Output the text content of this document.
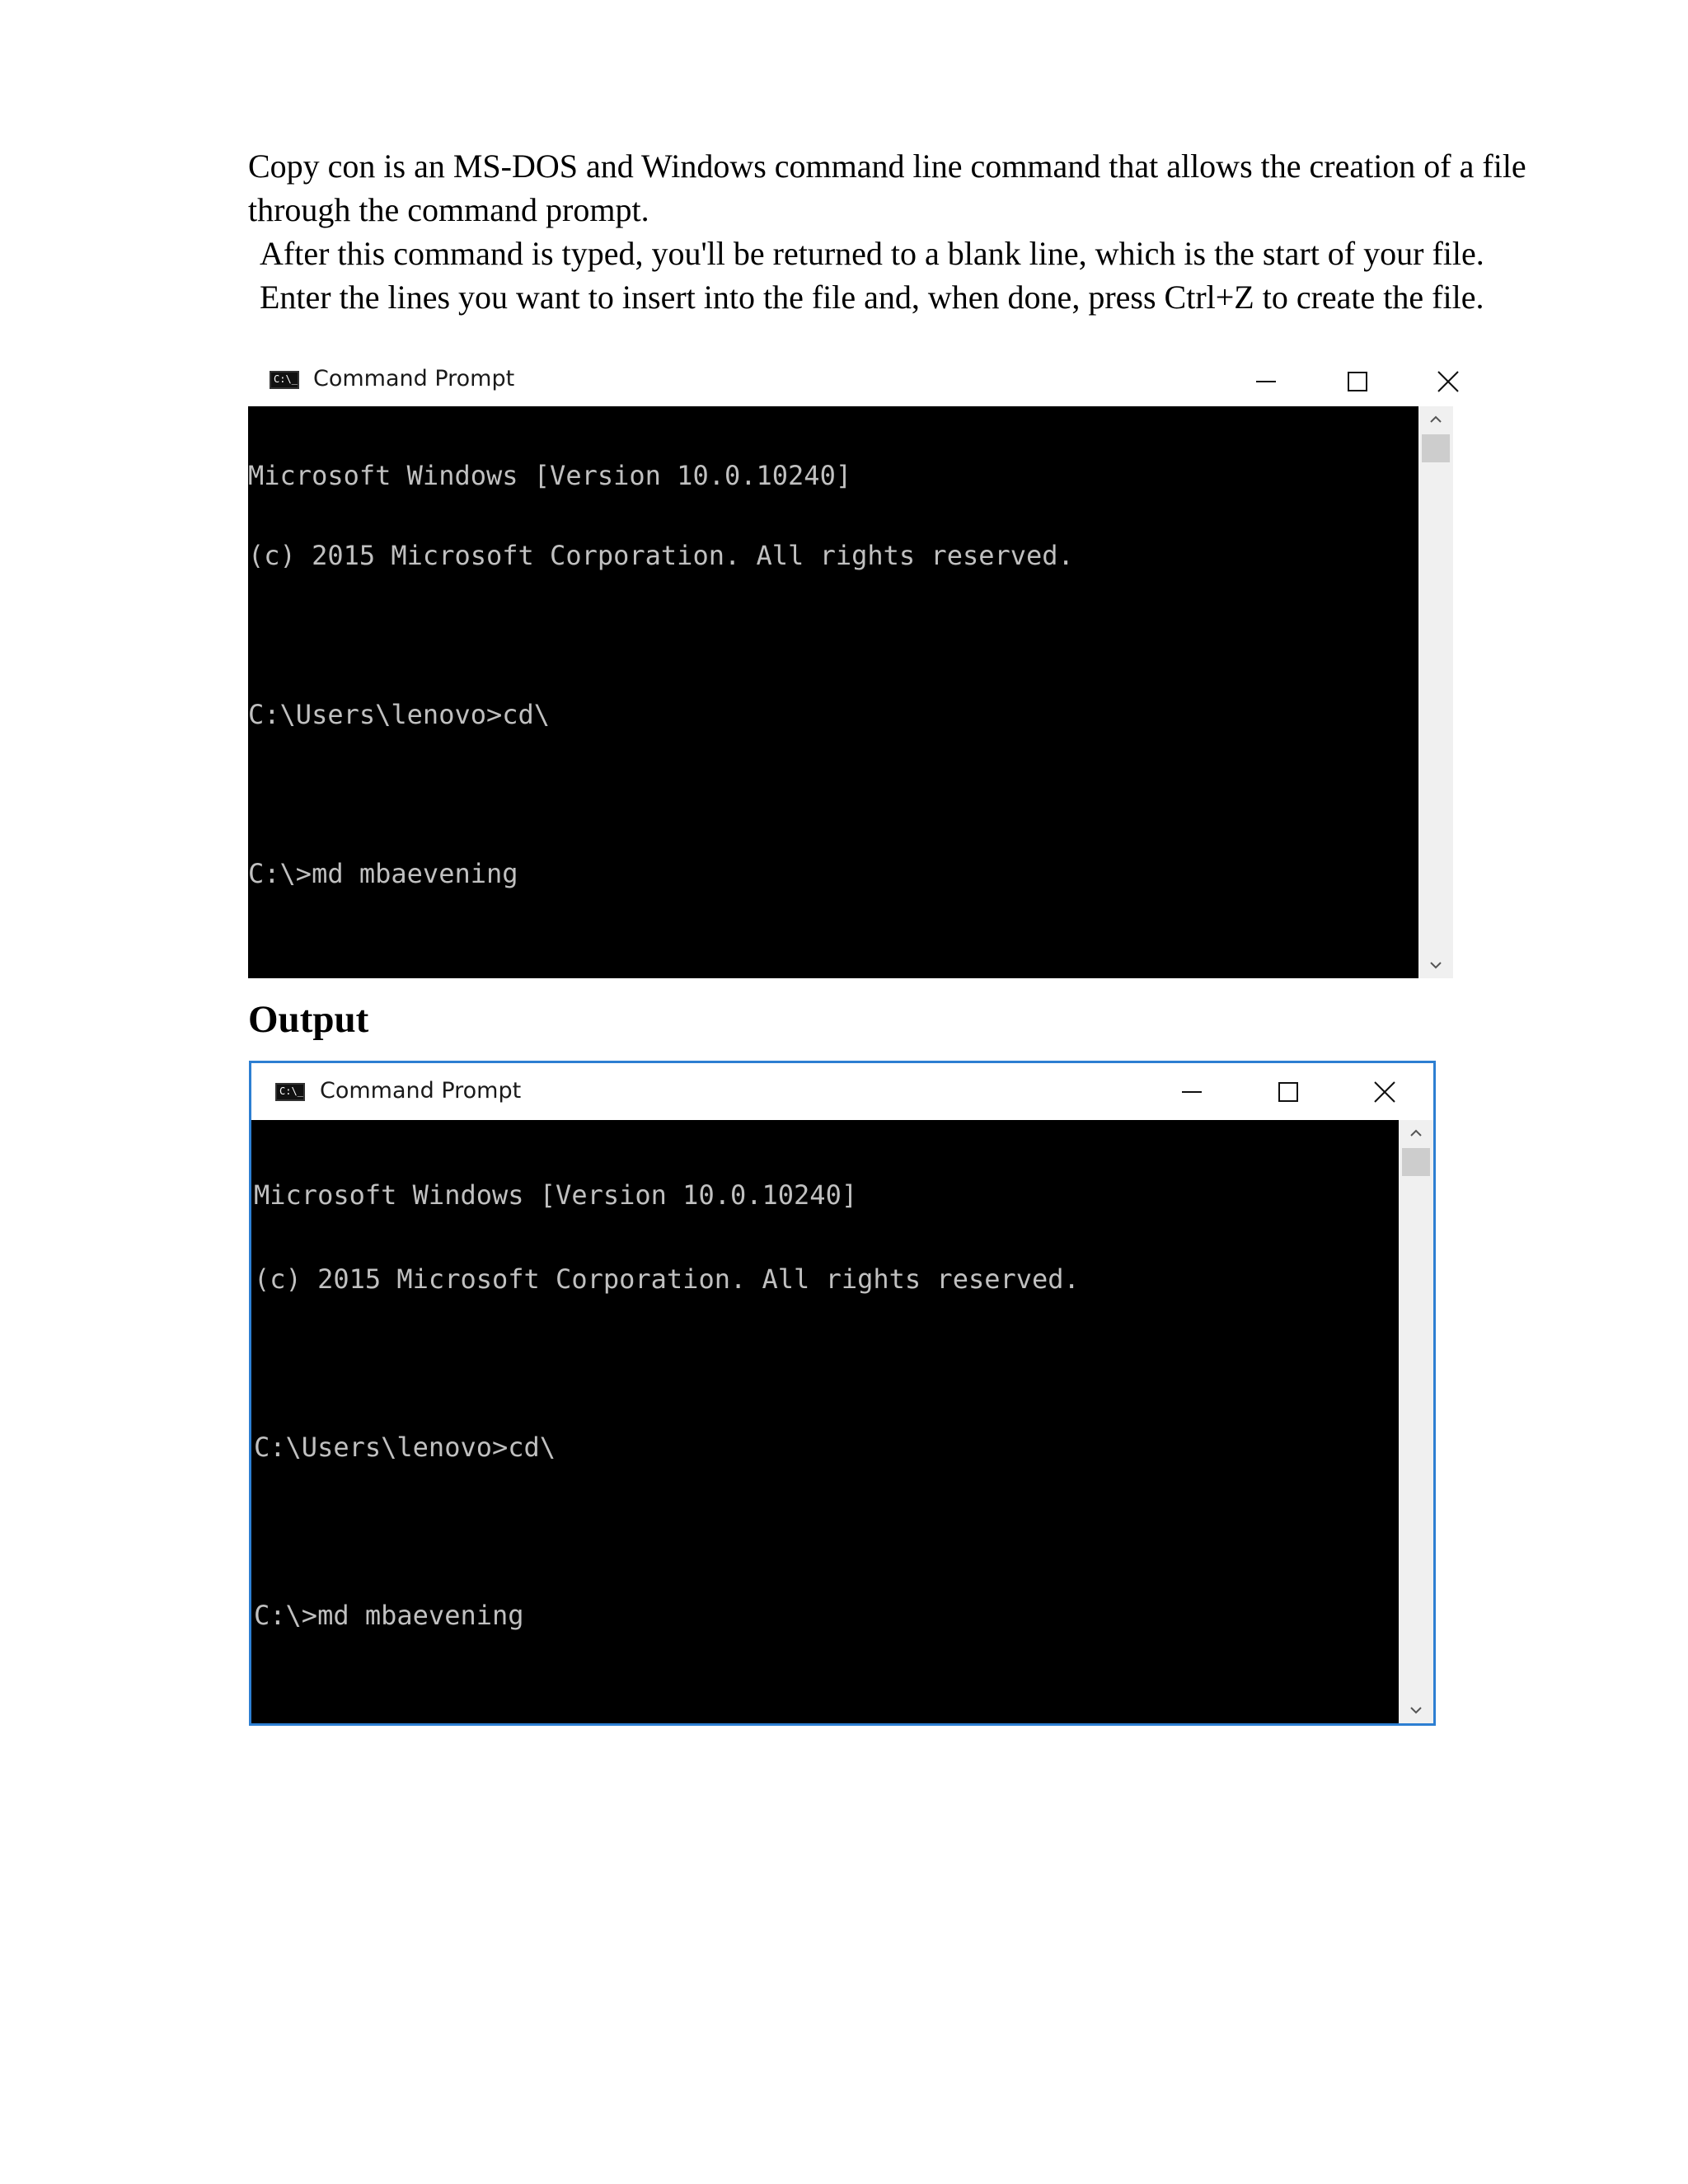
Copy con is an MS-DOS and Windows command line command that allows the creation of a file through the command prompt.

After this command is typed, you'll be returned to a blank line, which is the start of your file. Enter the lines you want to insert into the file and, when done, press Ctrl+Z to create the file.

C:\_
Command Prompt

Microsoft Windows [Version 10.0.10240]

(c) 2015 Microsoft Corporation. All rights reserved.

C:\Users\lenovo>cd\

C:\>md mbaevening

Output
C:\_
Command Prompt

Microsoft Windows [Version 10.0.10240]

(c) 2015 Microsoft Corporation. All rights reserved.

C:\Users\lenovo>cd\

C:\>md mbaevening
